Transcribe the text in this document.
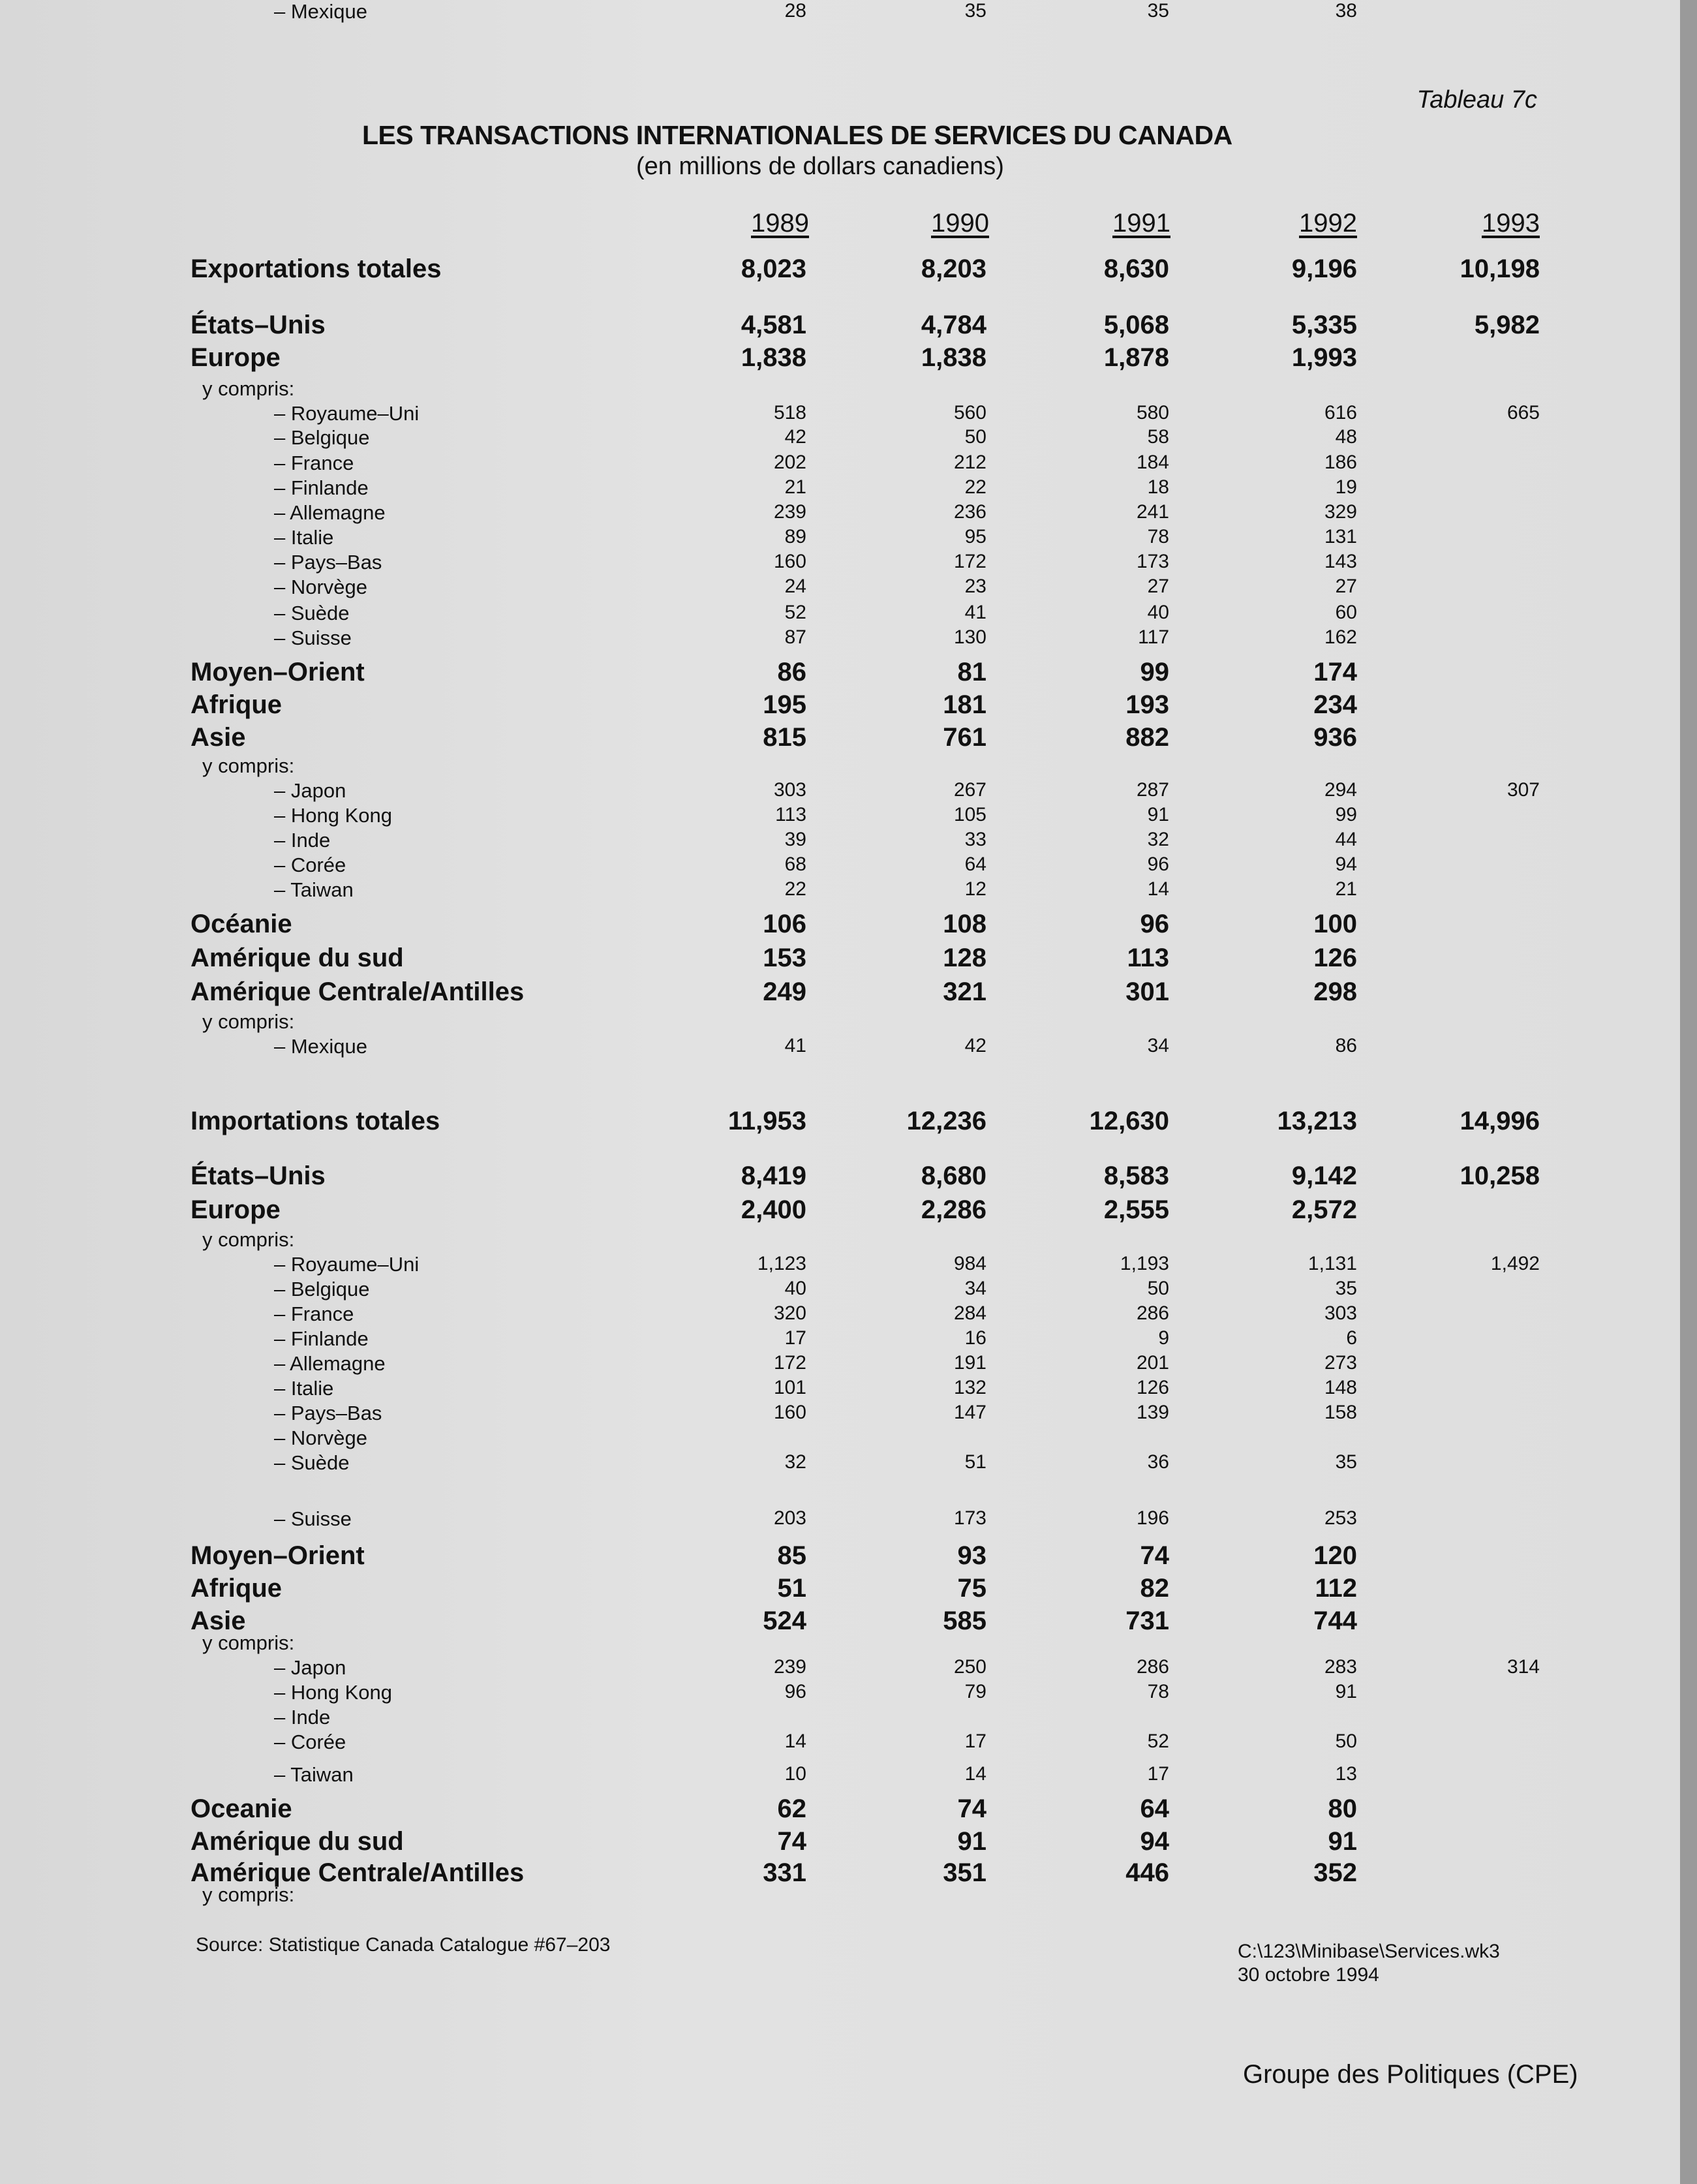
Tableau 7c
LES TRANSACTIONS INTERNATIONALES DE SERVICES DU CANADA
(en millions de dollars canadiens)
1989	1990	1991	1992	1993
Exportations totales	8,023	8,203	8,630	9,196	10,198
États–Unis	4,581	4,784	5,068	5,335	5,982
Europe	1,838	1,838	1,878	1,993
y compris:
– Royaume–Uni	518	560	580	616	665
– Belgique	42	50	58	48
– France	202	212	184	186
– Finlande	21	22	18	19
– Allemagne	239	236	241	329
– Italie	89	95	78	131
– Pays–Bas	160	172	173	143
– Norvège	24	23	27	27
– Suède	52	41	40	60
– Suisse	87	130	117	162
Moyen–Orient	86	81	99	174
Afrique	195	181	193	234
Asie	815	761	882	936
y compris:
– Japon	303	267	287	294	307
– Hong Kong	113	105	91	99
– Inde	39	33	32	44
– Corée	68	64	96	94
– Taiwan	22	12	14	21
Océanie	106	108	96	100
Amérique du sud	153	128	113	126
Amérique Centrale/Antilles	249	321	301	298
y compris:
– Mexique	41	42	34	86
Importations totales	11,953	12,236	12,630	13,213	14,996
États–Unis	8,419	8,680	8,583	9,142	10,258
Europe	2,400	2,286	2,555	2,572
y compris:
– Royaume–Uni	1,123	984	1,193	1,131	1,492
– Belgique	40	34	50	35
– France	320	284	286	303
– Finlande	17	16	9	6
– Allemagne	172	191	201	273
– Italie	101	132	126	148
– Pays–Bas	160	147	139	158
– Norvège
– Suède	32	51	36	35
– Suisse	203	173	196	253
Moyen–Orient	85	93	74	120
Afrique	51	75	82	112
Asie	524	585	731	744
y compris:
– Japon	239	250	286	283	314
– Hong Kong	96	79	78	91
– Inde
– Corée	14	17	52	50
– Taiwan	10	14	17	13
Oceanie	62	74	64	80
Amérique du sud	74	91	94	91
Amérique Centrale/Antilles	331	351	446	352
y compris:
– Mexique	28	35	35	38
Source: Statistique Canada Catalogue #67–203	C:\123\Minibase\Services.wk3
30 octobre 1994
Groupe des Politiques (CPE)
